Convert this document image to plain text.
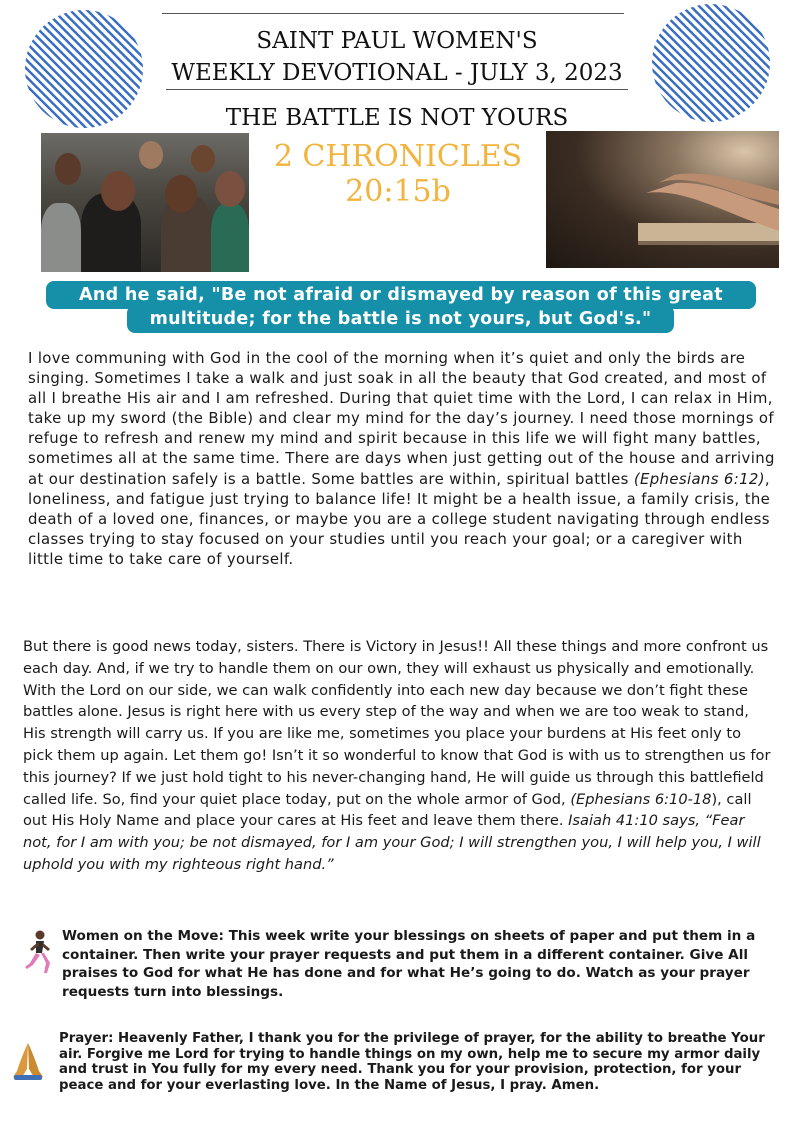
SAINT PAUL WOMEN'S
WEEKLY DEVOTIONAL - JULY 3, 2023
THE BATTLE IS NOT YOURS
2 CHRONICLES
20:15b
And he said, "Be not afraid or dismayed by reason of this great
multitude; for the battle is not yours, but God's."
I love communing with God in the cool of the morning when it’s quiet and only the birds are singing. Sometimes I take a walk and just soak in all the beauty that God created, and most of all I breathe His air and I am refreshed. During that quiet time with the Lord, I can relax in Him, take up my sword (the Bible) and clear my mind for the day’s journey. I need those mornings of refuge to refresh and renew my mind and spirit because in this life we will fight many battles, sometimes all at the same time. There are days when just getting out of the house and arriving at our destination safely is a battle. Some battles are within, spiritual battles (Ephesians 6:12), loneliness, and fatigue just trying to balance life! It might be a health issue, a family crisis, the death of a loved one, finances, or maybe you are a college student navigating through endless classes trying to stay focused on your studies until you reach your goal; or a caregiver with little time to take care of yourself.
But there is good news today, sisters. There is Victory in Jesus!! All these things and more confront us each day. And, if we try to handle them on our own, they will exhaust us physically and emotionally. With the Lord on our side, we can walk confidently into each new day because we don’t fight these battles alone. Jesus is right here with us every step of the way and when we are too weak to stand, His strength will carry us. If you are like me, sometimes you place your burdens at His feet only to pick them up again. Let them go! Isn’t it so wonderful to know that God is with us to strengthen us for this journey? If we just hold tight to his never-changing hand, He will guide us through this battlefield called life. So, find your quiet place today, put on the whole armor of God, (Ephesians 6:10-18), call out His Holy Name and place your cares at His feet and leave them there. Isaiah 41:10 says, “Fear not, for I am with you; be not dismayed, for I am your God; I will strengthen you, I will help you, I will uphold you with my righteous right hand.”
Women on the Move: This week write your blessings on sheets of paper and put them in a container. Then write your prayer requests and put them in a different container. Give All praises to God for what He has done and for what He’s going to do. Watch as your prayer requests turn into blessings.
Prayer: Heavenly Father, I thank you for the privilege of prayer, for the ability to breathe Your air. Forgive me Lord for trying to handle things on my own, help me to secure my armor daily and trust in You fully for my every need. Thank you for your provision, protection, for your peace and for your everlasting love. In the Name of Jesus, I pray. Amen.
